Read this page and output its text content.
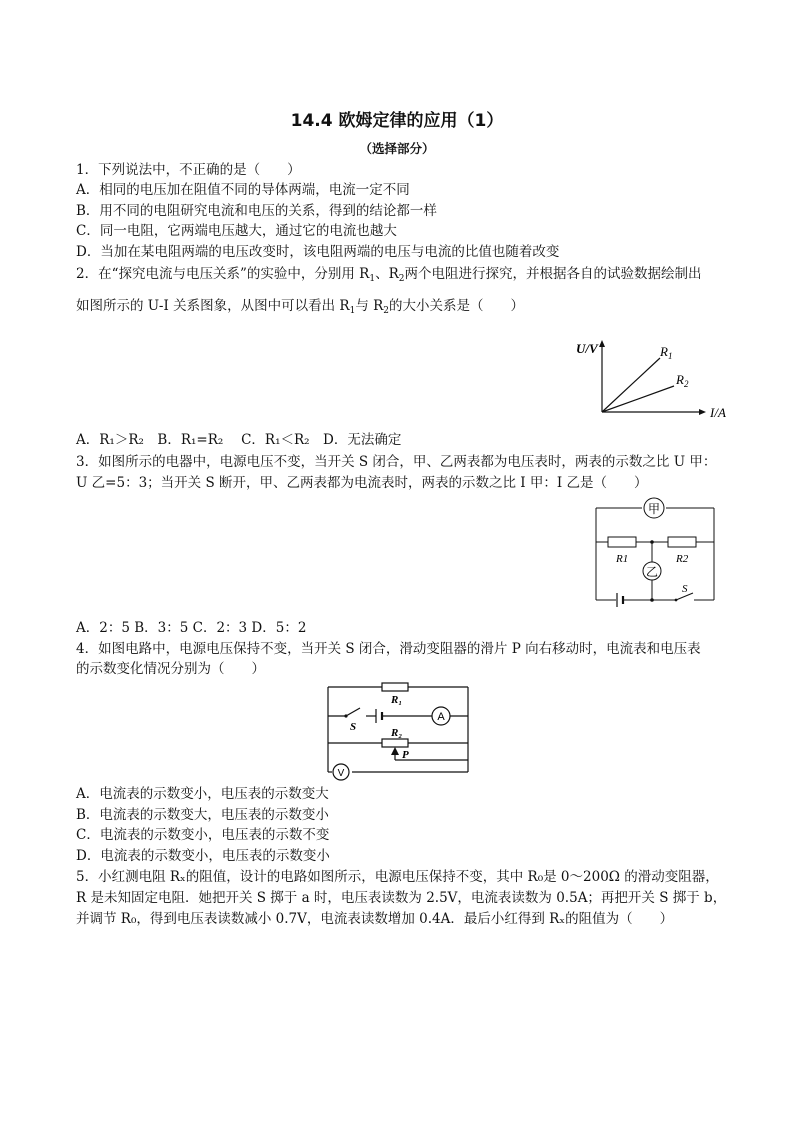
14.4 欧姆定律的应用（1）
（选择部分）
1．下列说法中，不正确的是（　　）
A．相同的电压加在阻值不同的导体两端，电流一定不同
B．用不同的电阻研究电流和电压的关系，得到的结论都一样
C．同一电阻，它两端电压越大，通过它的电流也越大
D．当加在某电阻两端的电压改变时，该电阻两端的电压与电流的比值也随着改变
2．在“探究电流与电压关系”的实验中，分别用 $R_1$、$R_2$两个电阻进行探究，并根据各自的试验数据绘制出
如图所示的 U-I 关系图象，从图中可以看出 $R_1$与 $R_2$的大小关系是（　　）
U/V
I/A
$R_1$
$R_2$
A．R₁＞R₂　B．R₁=R₂　 C．R₁＜R₂　D．无法确定
3．如图所示的电器中，电源电压不变，当开关 S 闭合，甲、乙两表都为电压表时，两表的示数之比 U 甲：
U 乙=5：3；当开关 S 断开，甲、乙两表都为电流表时，两表的示数之比 I 甲：I 乙是（　　）
甲
乙
R1	R2
S
A．2：5 B．3：5 C．2：3 D．5：2
4．如图电路中，电源电压保持不变，当开关 S 闭合，滑动变阻器的滑片 P 向右移动时，电流表和电压表
的示数变化情况分别为（　　）
A
V
R₁
R₂
S
P
A．电流表的示数变小，电压表的示数变大
B．电流表的示数变大，电压表的示数变小
C．电流表的示数变小，电压表的示数不变
D．电流表的示数变小，电压表的示数变小
5．小红测电阻 Rₓ的阻值，设计的电路如图所示，电源电压保持不变，其中 R₀是 0～200Ω 的滑动变阻器，
R 是未知固定电阻．她把开关 S 掷于 a 时，电压表读数为 2.5V，电流表读数为 0.5A；再把开关 S 掷于 b，
并调节 R₀，得到电压表读数减小 0.7V，电流表读数增加 0.4A．最后小红得到 Rₓ的阻值为（　　）
